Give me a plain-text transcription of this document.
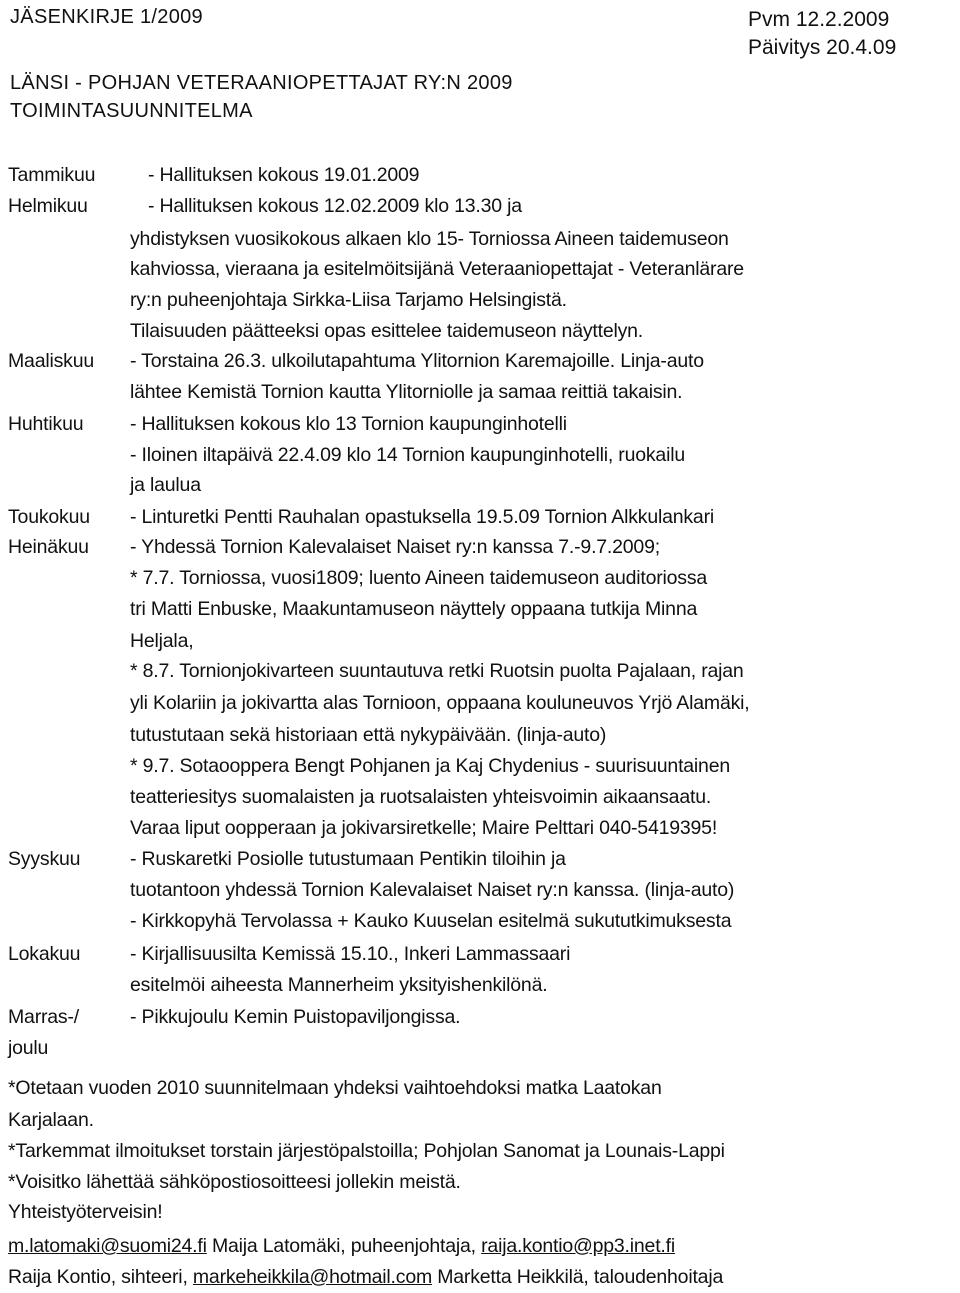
JÄSENKIRJE 1/2009	Pvm 12.2.2009
Päivitys 20.4.09
LÄNSI - POHJAN VETERAANIOPETTAJAT RY:N 2009
TOIMINTASUUNNITELMA
Tammikuu	- Hallituksen kokous 19.01.2009
Helmikuu	- Hallituksen kokous 12.02.2009 klo 13.30 ja
yhdistyksen vuosikokous alkaen klo 15- Torniossa Aineen taidemuseon
kahviossa, vieraana ja esitelmöitsijänä Veteraaniopettajat - Veteranlärare
ry:n puheenjohtaja Sirkka-Liisa Tarjamo Helsingistä.
Tilaisuuden päätteeksi opas esittelee taidemuseon näyttelyn.
Maaliskuu - Torstaina 26.3. ulkoilutapahtuma Ylitornion Karemajoille. Linja-auto
lähtee Kemistä Tornion kautta Ylitorniolle ja samaa reittiä takaisin.
Huhtikuu - Hallituksen kokous klo 13 Tornion kaupunginhotelli
- Iloinen iltapäivä 22.4.09 klo 14 Tornion kaupunginhotelli, ruokailu
ja laulua
Toukokuu - Linturetki Pentti Rauhalan opastuksella 19.5.09 Tornion Alkkulankari
Heinäkuu - Yhdessä Tornion Kalevalaiset Naiset ry:n kanssa 7.-9.7.2009;
* 7.7. Torniossa, vuosi1809; luento Aineen taidemuseon auditoriossa
tri Matti Enbuske, Maakuntamuseon näyttely oppaana tutkija Minna
Heljala,
* 8.7. Tornionjokivarteen suuntautuva retki Ruotsin puolta Pajalaan, rajan
yli Kolariin ja jokivartta alas Tornioon, oppaana kouluneuvos Yrjö Alamäki,
tutustutaan sekä historiaan että nykypäivään. (linja-auto)
* 9.7. Sotaooppera Bengt Pohjanen ja Kaj Chydenius - suurisuuntainen
teatteriesitys suomalaisten ja ruotsalaisten yhteisvoimin aikaansaatu.
Varaa liput oopperaan ja jokivarsiretkelle; Maire Pelttari 040-5419395!
Syyskuu	- Ruskaretki Posiolle tutustumaan Pentikin tiloihin ja
tuotantoon yhdessä Tornion Kalevalaiset Naiset ry:n kanssa. (linja-auto)
- Kirkkopyhä Tervolassa + Kauko Kuuselan esitelmä sukututkimuksesta
Lokakuu	- Kirjallisuusilta Kemissä 15.10., Inkeri Lammassaari
esitelmöi aiheesta Mannerheim yksityishenkilönä.
Marras-/	- Pikkujoulu Kemin Puistopaviljongissa.
joulu
*Otetaan vuoden 2010 suunnitelmaan yhdeksi vaihtoehdoksi matka Laatokan
Karjalaan.
*Tarkemmat ilmoitukset torstain järjestöpalstoilla; Pohjolan Sanomat ja Lounais-Lappi
*Voisitko lähettää sähköpostiosoitteesi jollekin meistä.
Yhteistyöterveisin!
m.latomaki@suomi24.fi Maija Latomäki, puheenjohtaja, raija.kontio@pp3.inet.fi
Raija Kontio, sihteeri, markeheikkila@hotmail.com Marketta Heikkilä, taloudenhoitaja
